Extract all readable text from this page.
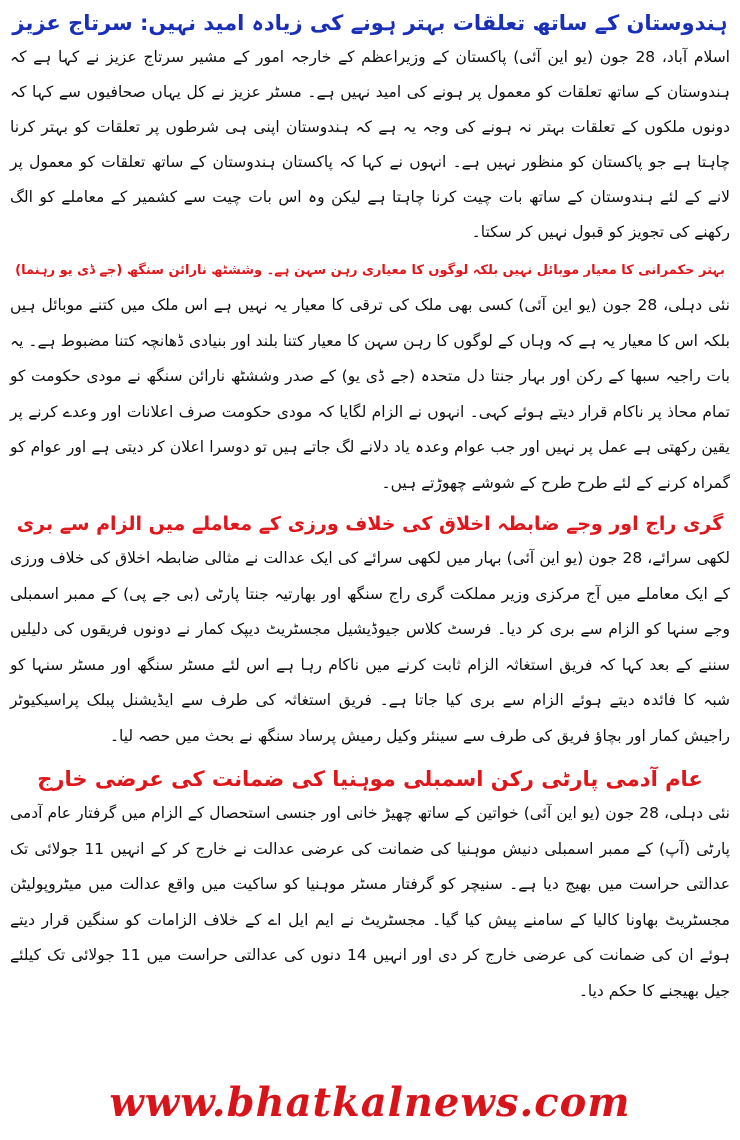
ہندوستان کے ساتھ تعلقات بہتر ہونے کی زیادہ امید نہیں: سرتاج عزیز

اسلام آباد، 28 جون (یو این آئی) پاکستان کے وزیراعظم کے خارجہ امور کے مشیر سرتاج عزیز نے کہا ہے کہ ہندوستان کے ساتھ تعلقات کو معمول پر ہونے کی امید نہیں ہے۔ مسٹر عزیز نے کل یہاں صحافیوں سے کہا کہ دونوں ملکوں کے تعلقات بہتر نہ ہونے کی وجہ یہ ہے کہ ہندوستان اپنی ہی شرطوں پر تعلقات کو بہتر کرنا چاہتا ہے جو پاکستان کو منظور نہیں ہے۔ انہوں نے کہا کہ پاکستان ہندوستان کے ساتھ تعلقات کو معمول پر لانے کے لئے ہندوستان کے ساتھ بات چیت کرنا چاہتا ہے لیکن وہ اس بات چیت سے کشمیر کے معاملے کو الگ رکھنے کی تجویز کو قبول نہیں کر سکتا۔

بہتر حکمرانی کا معیار موبائل نہیں بلکہ لوگوں کا معیاری رہن سہن ہے۔ وششٹھ نارائن سنگھ (جے ڈی یو رہنما)

نئی دہلی، 28 جون (یو این آئی) کسی بھی ملک کی ترقی کا معیار یہ نہیں ہے اس ملک میں کتنے موبائل ہیں بلکہ اس کا معیار یہ ہے کہ وہاں کے لوگوں کا رہن سہن کا معیار کتنا بلند اور بنیادی ڈھانچہ کتنا مضبوط ہے۔ یہ بات راجیہ سبھا کے رکن اور بہار جنتا دل متحدہ (جے ڈی یو) کے صدر وششٹھ نارائن سنگھ نے مودی حکومت کو تمام محاذ پر ناکام قرار دیتے ہوئے کہی۔ انہوں نے الزام لگایا کہ مودی حکومت صرف اعلانات اور وعدے کرنے پر یقین رکھتی ہے عمل پر نہیں اور جب عوام وعدہ یاد دلانے لگ جاتے ہیں تو دوسرا اعلان کر دیتی ہے اور عوام کو گمراہ کرنے کے لئے طرح طرح کے شوشے چھوڑتے ہیں۔

گری راج اور وجے ضابطہ اخلاق کی خلاف ورزی کے معاملے میں الزام سے بری

لکھی سرائے، 28 جون (یو این آئی) بہار میں لکھی سرائے کی ایک عدالت نے مثالی ضابطہ اخلاق کی خلاف ورزی کے ایک معاملے میں آج مرکزی وزیر مملکت گری راج سنگھ اور بھارتیہ جنتا پارٹی (بی جے پی) کے ممبر اسمبلی وجے سنہا کو الزام سے بری کر دیا۔ فرسٹ کلاس جیوڈیشیل مجسٹریٹ دیپک کمار نے دونوں فریقوں کی دلیلیں سننے کے بعد کہا کہ فریق استغاثہ الزام ثابت کرنے میں ناکام رہا ہے اس لئے مسٹر سنگھ اور مسٹر سنہا کو شبہ کا فائدہ دیتے ہوئے الزام سے بری کیا جاتا ہے۔ فریق استغاثہ کی طرف سے ایڈیشنل پبلک پراسیکیوٹر راجیش کمار اور بچاؤ فریق کی طرف سے سینئر وکیل رمیش پرساد سنگھ نے بحث میں حصہ لیا۔

عام آدمی پارٹی رکن اسمبلی موہنیا کی ضمانت کی عرضی خارج

نئی دہلی، 28 جون (یو این آئی) خواتین کے ساتھ چھیڑ خانی اور جنسی استحصال کے الزام میں گرفتار عام آدمی پارٹی (آپ) کے ممبر اسمبلی دنیش موہنیا کی ضمانت کی عرضی عدالت نے خارج کر کے انہیں 11 جولائی تک عدالتی حراست میں بھیج دیا ہے۔ سنیچر کو گرفتار مسٹر موہنیا کو ساکیت میں واقع عدالت میں میٹروپولیٹن مجسٹریٹ بھاونا کالیا کے سامنے پیش کیا گیا۔ مجسٹریٹ نے ایم ایل اے کے خلاف الزامات کو سنگین قرار دیتے ہوئے ان کی ضمانت کی عرضی خارج کر دی اور انہیں 14 دنوں کی عدالتی حراست میں 11 جولائی تک کیلئے جیل بھیجنے کا حکم دیا۔

www.bhatkalnews.com
